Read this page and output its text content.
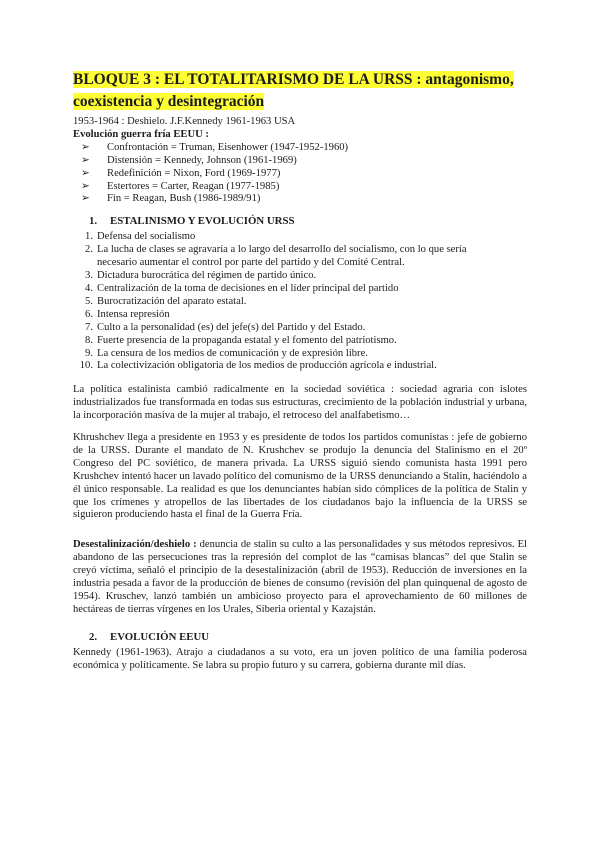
BLOQUE 3 : EL TOTALITARISMO DE LA URSS : antagonismo,
coexistencia y desintegración

1953-1964 : Deshielo. J.F.Kennedy 1961-1963 USA

Evolución guerra fría EEUU :

➢ Confrontación = Truman, Eisenhower (1947-1952-1960)
➢ Distensión = Kennedy, Johnson (1961-1969)
➢ Redefinición = Nixon, Ford (1969-1977)
➢ Estertores = Carter, Reagan (1977-1985)
➢ Fin = Reagan, Bush (1986-1989/91)
1. ESTALINISMO Y EVOLUCIÓN URSS
1. Defensa del socialismo
2. La lucha de clases se agravaría a lo largo del desarrollo del socialismo, con lo que sería
necesario aumentar el control por parte del partido y del Comité Central.
3. Dictadura burocrática del régimen de partido único.
4. Centralización de la toma de decisiones en el líder principal del partido
5. Burocratización del aparato estatal.
6. Intensa represión
7. Culto a la personalidad (es) del jefe(s) del Partido y del Estado.
8. Fuerte presencia de la propaganda estatal y el fomento del patriotismo.
9. La censura de los medios de comunicación y de expresión libre.
10. La colectivización obligatoria de los medios de producción agrícola e industrial.

La política estalinista cambió radicalmente en la sociedad soviética : sociedad agraria con islotes industrializados fue transformada en todas sus estructuras, crecimiento de la población industrial y urbana, la incorporación masiva de la mujer al trabajo, el retroceso del analfabetismo…

Khrushchev llega a presidente en 1953 y es presidente de todos los partidos comunistas : jefe de gobierno de la URSS. Durante el mandato de N. Krushchev se produjo la denuncia del Stalinismo en el 20º Congreso del PC soviético, de manera privada. La URSS siguió siendo comunista hasta 1991 pero Krushchev intentó hacer un lavado político del comunismo de la URSS denunciando a Stalin, haciéndolo a él único responsable. La realidad es que los denunciantes habían sido cómplices de la política de Stalin y que los crímenes y atropellos de las libertades de los ciudadanos bajo la influencia de la URSS se siguieron produciendo hasta el final de la Guerra Fría.

Desestalinización/deshielo : denuncia de stalin su culto a las personalidades y sus métodos represivos. El abandono de las persecuciones tras la represión del complot de las “camisas blancas” del que Stalin se creyó víctima, señaló el principio de la desestalinización (abril de 1953). Reducción de inversiones en la industria pesada a favor de la producción de bienes de consumo (revisión del plan quinquenal de agosto de 1954). Kruschev, lanzó también un ambicioso proyecto para el aprovechamiento de 60 millones de hectáreas de tierras vírgenes en los Urales, Siberia oriental y Kazajstán.

2. EVOLUCIÓN EEUU

Kennedy (1961-1963). Atrajo a ciudadanos a su voto, era un joven político de una familia poderosa económica y políticamente. Se labra su propio futuro y su carrera, gobierna durante mil días.
